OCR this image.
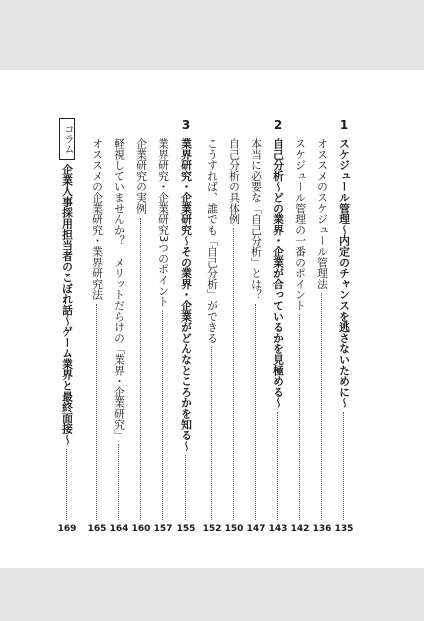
1
スケジュール管理～内定のチャンスを逃さないために～
135
オススメのスケジュール管理法
136
スケジュール管理の一番のポイント
142
2
自己分析～どの業界・企業が合っているかを見極める～
143
本当に必要な「自己分析」とは？
147
自己分析の具体例
150
こうすれば、誰でも「自己分析」ができる
152
3
業界研究・企業研究～その業界・企業がどんなところかを知る～
155
業界研究・企業研究3つのポイント
157
企業研究の実例
160
軽視していませんか？　メリットだらけの「業界・企業研究」
164
オススメの企業研究・業界研究法
165
コラム
企業人事採用担当者のこぼれ話～ゲーム業界と最終面接～
169
